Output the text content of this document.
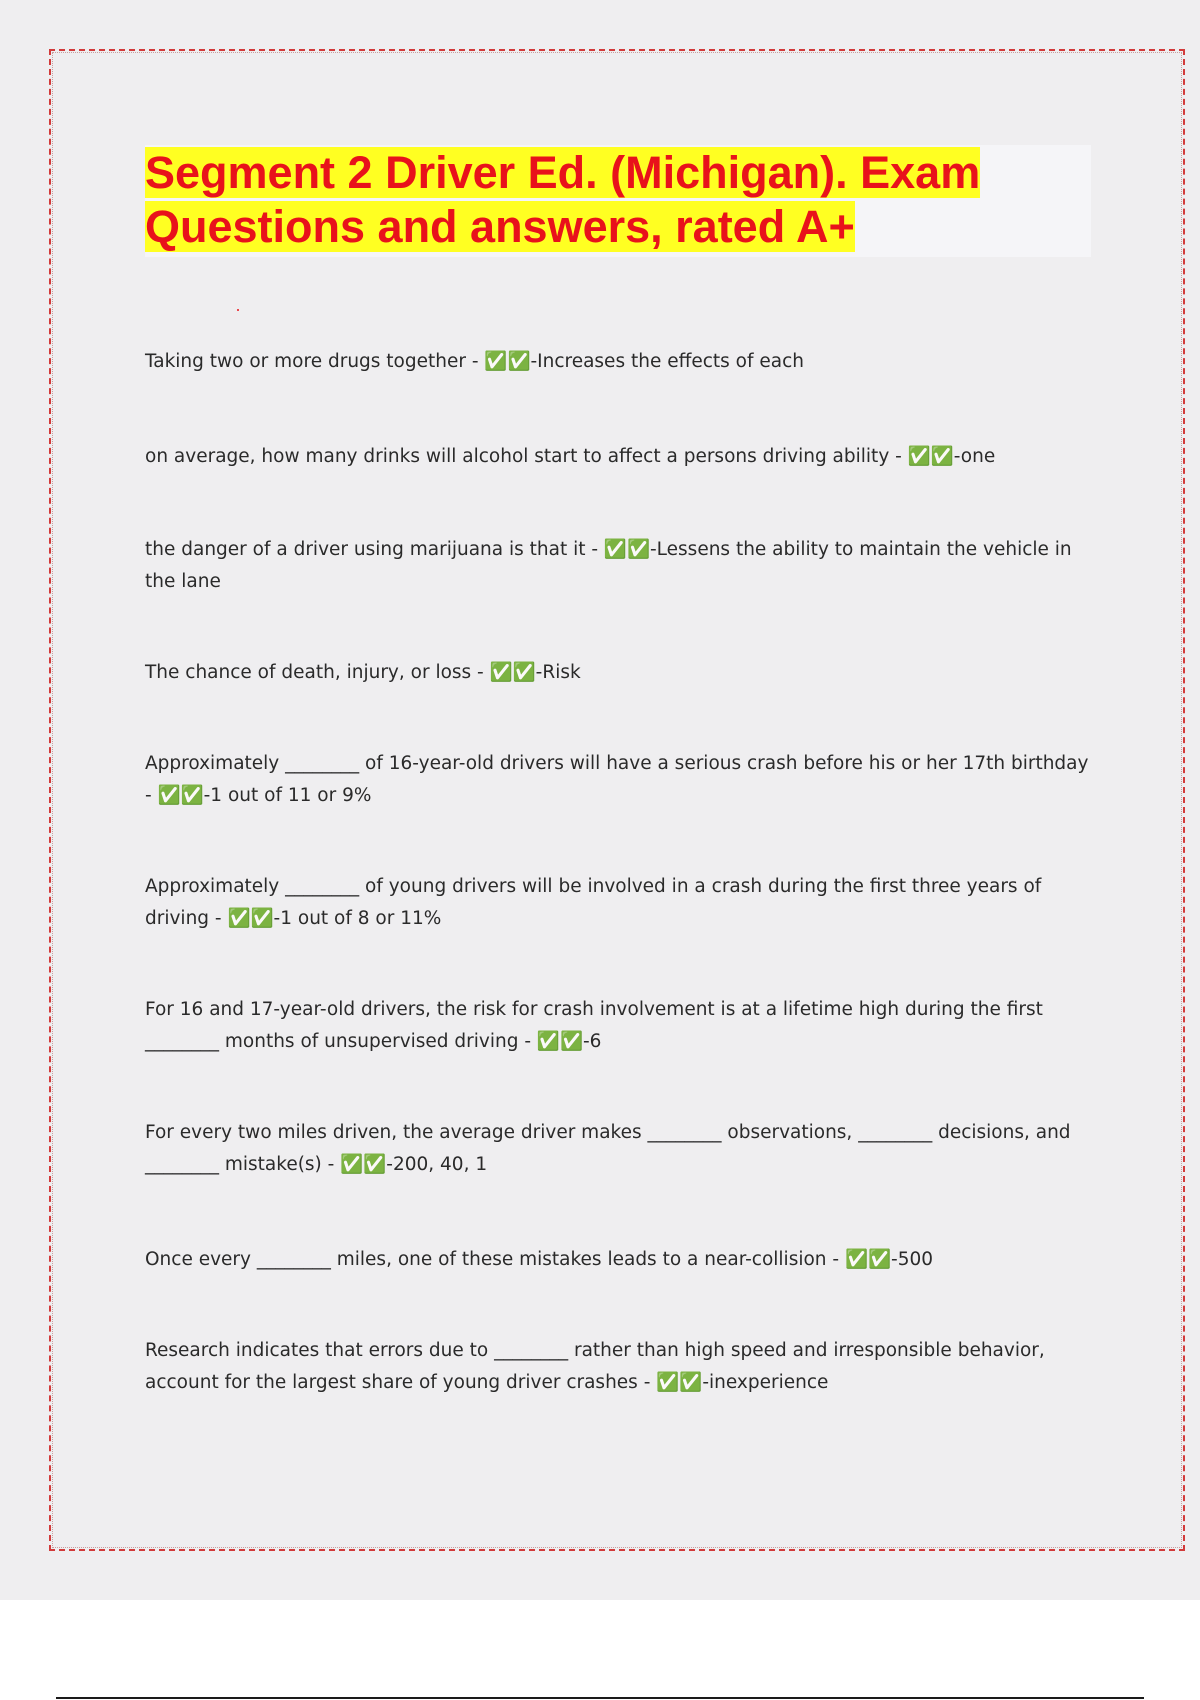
Segment 2 Driver Ed. (Michigan). Exam Questions and answers, rated A+

Taking two or more drugs together - ✅✅-Increases the effects of each

on average, how many drinks will alcohol start to affect a persons driving ability - ✅✅-one

the danger of a driver using marijuana is that it - ✅✅-Lessens the ability to maintain the vehicle in the lane

The chance of death, injury, or loss - ✅✅-Risk

Approximately ________ of 16-year-old drivers will have a serious crash before his or her 17th birthday - ✅✅-1 out of 11 or 9%

Approximately ________ of young drivers will be involved in a crash during the first three years of driving - ✅✅-1 out of 8 or 11%

For 16 and 17-year-old drivers, the risk for crash involvement is at a lifetime high during the first ________ months of unsupervised driving - ✅✅-6

For every two miles driven, the average driver makes ________ observations, ________ decisions, and ________ mistake(s) - ✅✅-200, 40, 1

Once every ________ miles, one of these mistakes leads to a near-collision - ✅✅-500

Research indicates that errors due to ________ rather than high speed and irresponsible behavior, account for the largest share of young driver crashes - ✅✅-inexperience
